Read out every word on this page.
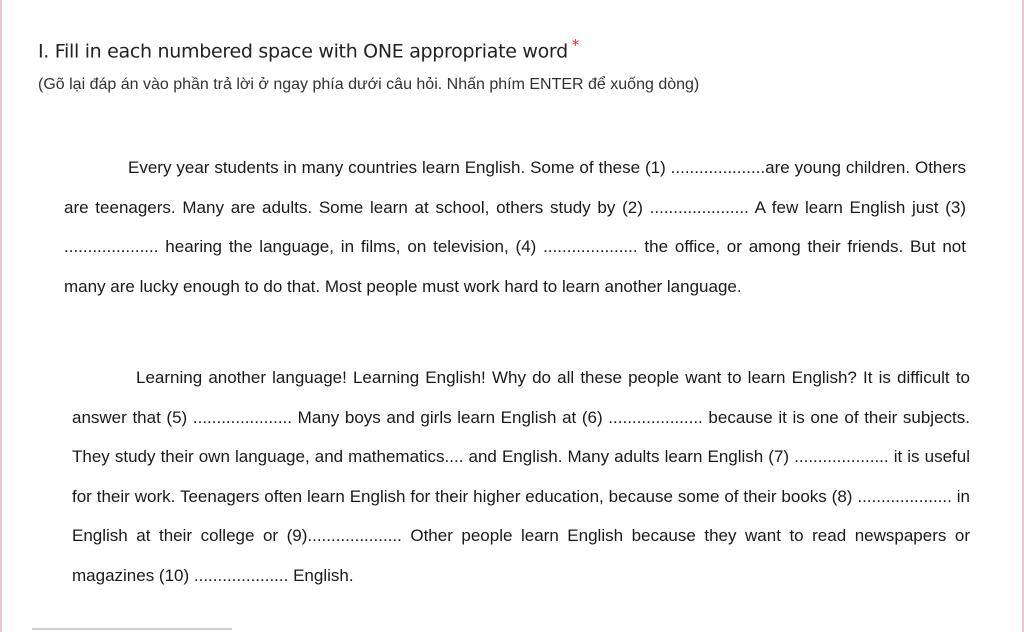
I. Fill in each numbered space with ONE appropriate word *
(Gõ lại đáp án vào phần trả lời ở ngay phía dưới câu hỏi. Nhấn phím ENTER để xuống dòng)

Every year students in many countries learn English. Some of these (1) ....................are young children. Others are teenagers. Many are adults. Some learn at school, others study by (2) ..................... A few learn English just (3) .................... hearing the language, in films, on television, (4) .................... the office, or among their friends. But not many are lucky enough to do that. Most people must work hard to learn another language.

Learning another language! Learning English! Why do all these people want to learn English? It is difficult to answer that (5) ..................... Many boys and girls learn English at (6) .................... because it is one of their subjects. They study their own language, and mathematics.... and English. Many adults learn English (7) .................... it is useful for their work. Teenagers often learn English for their higher education, because some of their books (8) .................... in English at their college or (9).................... Other people learn English because they want to read newspapers or magazines (10) .................... English.
